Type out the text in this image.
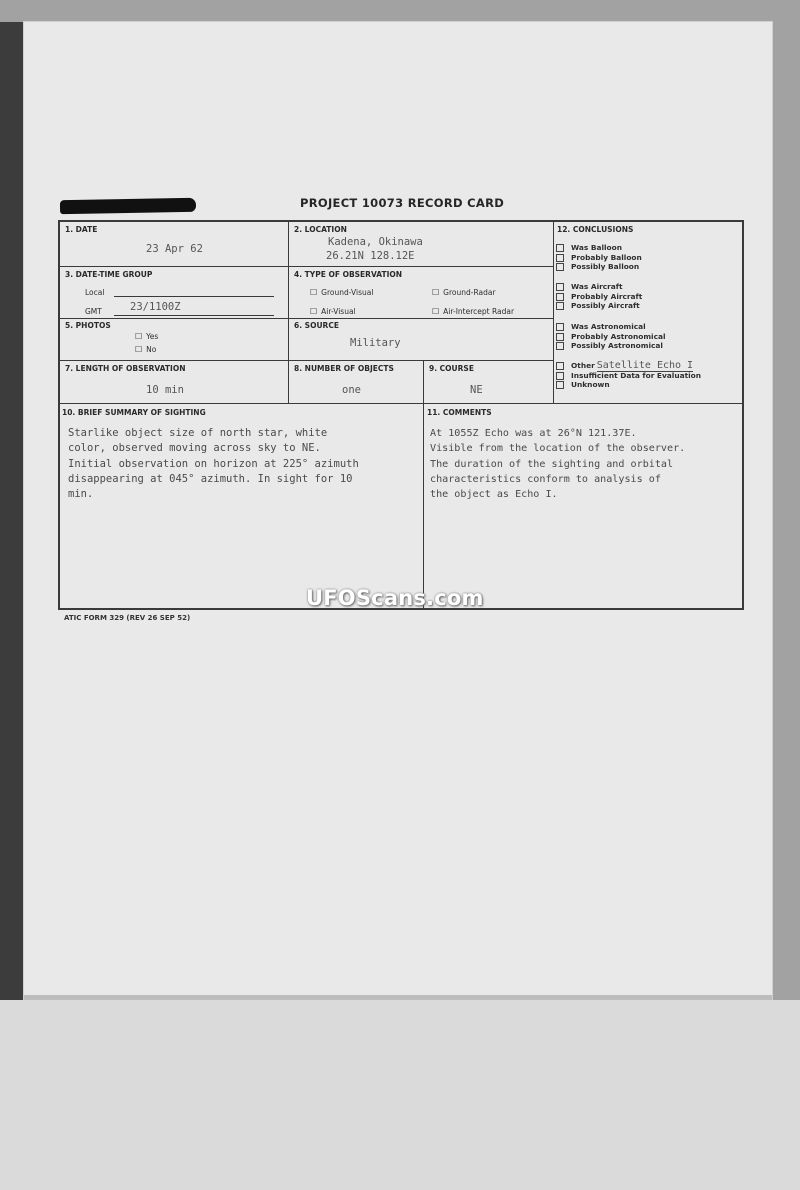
PROJECT 10073 RECORD CARD
1. DATE
23 Apr 62
2. LOCATION
Kadena, Okinawa
26.21N 128.12E
3. DATE-TIME GROUP
Local
GMT	23/1100Z
4. TYPE OF OBSERVATION
☐ Ground-Visual	☐ Ground-Radar
☐ Air-Visual	☐ Air-Intercept Radar
5. PHOTOS
☐ Yes
☐ No
6. SOURCE
Military
7. LENGTH OF OBSERVATION
10 min
8. NUMBER OF OBJECTS
one
9. COURSE
NE
10. BRIEF SUMMARY OF SIGHTING
Starlike object size of north star, white
color, observed moving across sky to NE.
Initial observation on horizon at 225° azimuth
disappearing at 045° azimuth. In sight for 10
min.
11. COMMENTS
At 1055Z Echo was at 26°N 121.37E.
Visible from the location of the observer.
The duration of the sighting and orbital
characteristics conform to analysis of
the object as Echo I.
12. CONCLUSIONS
Was Balloon
Probably Balloon
Possibly Balloon
Was Aircraft
Probably Aircraft
Possibly Aircraft
Was Astronomical
Probably Astronomical
Possibly Astronomical
Other Satellite Echo I
Insufficient Data for Evaluation
Unknown
UFOScans.com
ATIC FORM 329 (REV 26 SEP 52)
